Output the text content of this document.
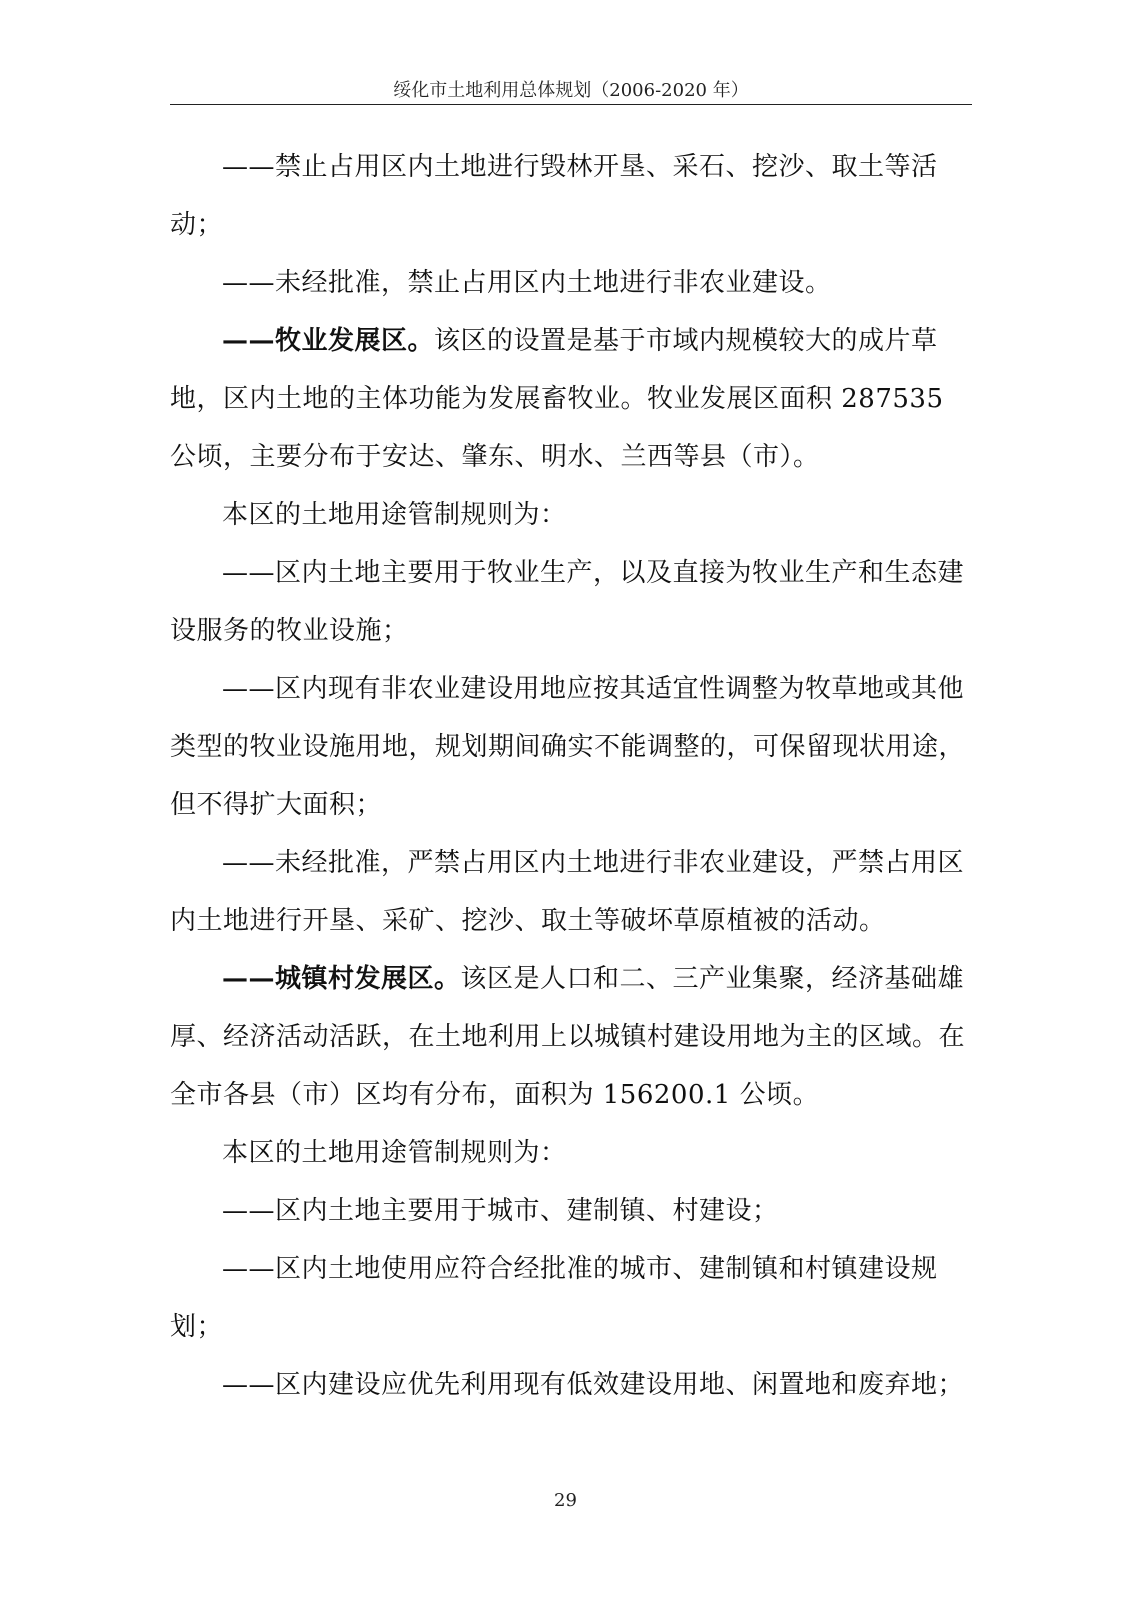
绥化市土地利用总体规划（2006-2020 年）

——禁止占用区内土地进行毁林开垦、采石、挖沙、取土等活动；

——未经批准，禁止占用区内土地进行非农业建设。

——牧业发展区。该区的设置是基于市域内规模较大的成片草地，区内土地的主体功能为发展畜牧业。牧业发展区面积 287535 公顷，主要分布于安达、肇东、明水、兰西等县（市）。

本区的土地用途管制规则为：

——区内土地主要用于牧业生产，以及直接为牧业生产和生态建设服务的牧业设施；

——区内现有非农业建设用地应按其适宜性调整为牧草地或其他类型的牧业设施用地，规划期间确实不能调整的，可保留现状用途，但不得扩大面积；

——未经批准，严禁占用区内土地进行非农业建设，严禁占用区内土地进行开垦、采矿、挖沙、取土等破坏草原植被的活动。

——城镇村发展区。该区是人口和二、三产业集聚，经济基础雄厚、经济活动活跃，在土地利用上以城镇村建设用地为主的区域。在全市各县（市）区均有分布，面积为 156200.1 公顷。

本区的土地用途管制规则为：

——区内土地主要用于城市、建制镇、村建设；

——区内土地使用应符合经批准的城市、建制镇和村镇建设规划；

——区内建设应优先利用现有低效建设用地、闲置地和废弃地；

29
